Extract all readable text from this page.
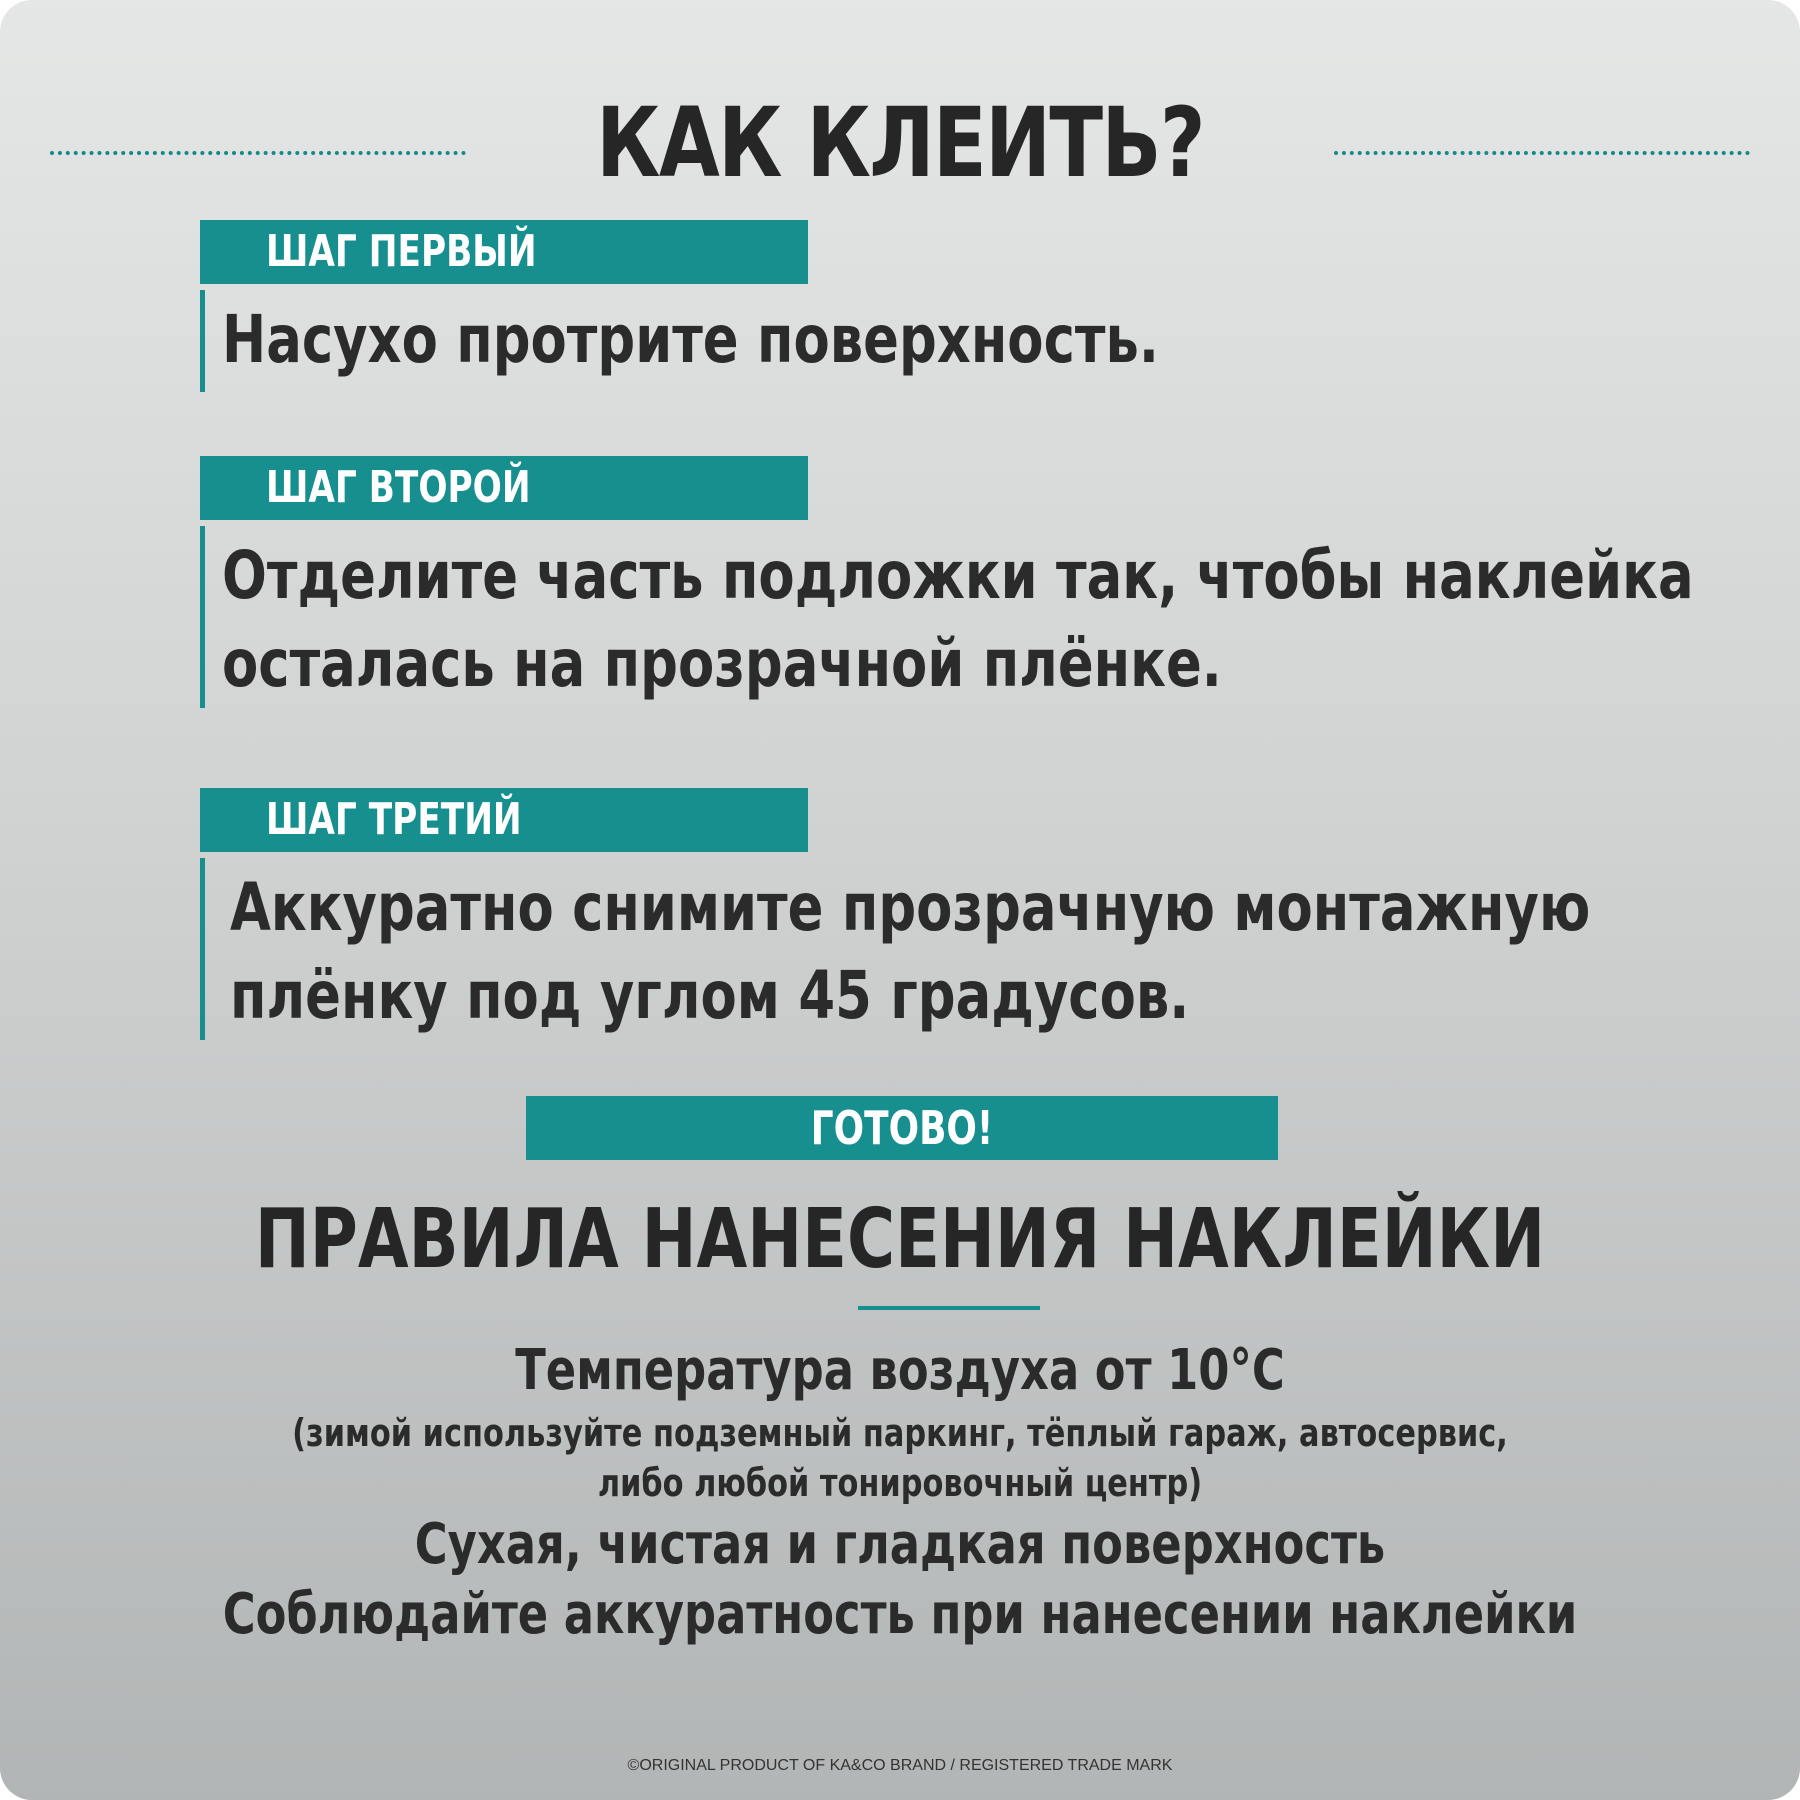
КАК КЛЕИТЬ?
ШАГ ПЕРВЫЙ
Насухо протрите поверхность.
ШАГ ВТОРОЙ
Отделите часть подложки так, чтобы наклейка
осталась на прозрачной плёнке.
ШАГ ТРЕТИЙ
Аккуратно снимите прозрачную монтажную
плёнку под углом 45 градусов.
ГОТОВО!
ПРАВИЛА НАНЕСЕНИЯ НАКЛЕЙКИ
Температура воздуха от 10°С
(зимой используйте подземный паркинг, тёплый гараж, автосервис,
либо любой тонировочный центр)
Сухая, чистая и гладкая поверхность
Соблюдайте аккуратность при нанесении наклейки
©ORIGINAL PRODUCT OF KA&CO BRAND / REGISTERED TRADE MARK
